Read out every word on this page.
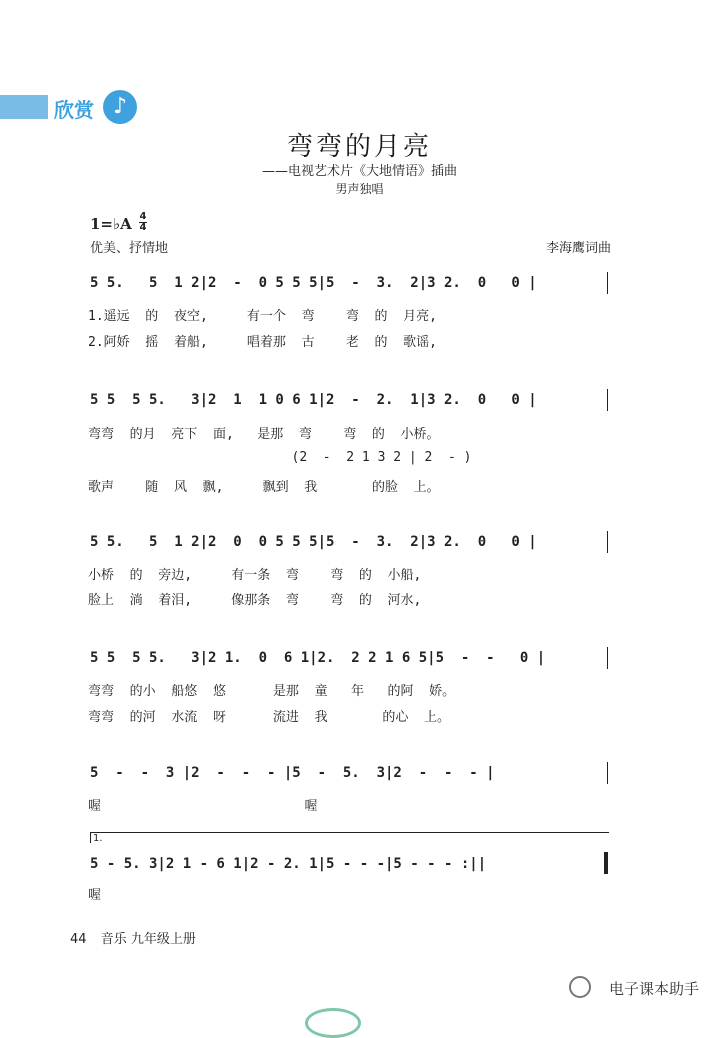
欣赏 ♪
弯弯的月亮
——电视艺术片《大地情语》插曲
男声独唱
1=♭A 4
4
优美、抒情地	李海鹰词曲
5 5.   5  1 2|2  -  0 5 5 5|5  -  3.  2|3 2.  0   0 |
1.遥远  的  夜空,     有一个  弯    弯  的  月亮,
2.阿娇  摇  着船,     唱着那  古    老  的  歌谣,
5 5  5 5.   3|2  1  1 0 6 1|2  -  2.  1|3 2.  0   0 |
弯弯  的月  亮下  面,   是那  弯    弯  的  小桥。
(2  -  2 1 3 2 | 2  - )
歌声    随  风  飘,     飘到  我       的脸  上。
5 5.   5  1 2|2  0  0 5 5 5|5  -  3.  2|3 2.  0   0 |
小桥  的  旁边,     有一条  弯    弯  的  小船,
脸上  淌  着泪,     像那条  弯    弯  的  河水,
5 5  5 5.   3|2 1.  0  6 1|2.  2 2 1 6 5|5  -  -   0 |
弯弯  的小  船悠  悠      是那  童   年   的阿  娇。
弯弯  的河  水流  呀      流进  我       的心  上。
5  -  -  3 |2  -  -  - |5  -  5.  3|2  -  -  - |
喔                          喔
1.
5 - 5. 3|2 1 - 6 1|2 - 2. 1|5 - - -|5 - - - :||
喔
44 音乐 九年级上册
电子课本助手
